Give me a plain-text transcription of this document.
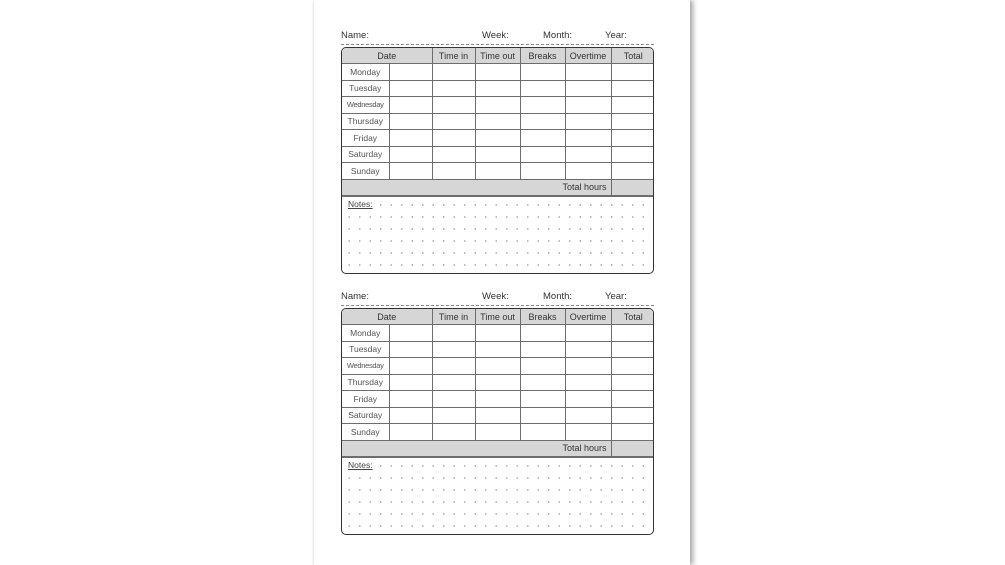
Name:	Week:	Month:	Year:
Date		Time in	Time out	Breaks	Overtime	Total
Monday						
Tuesday						
Wednesday						
Thursday						
Friday						
Saturday						
Sunday						
Total hours						
Notes:
Name:	Week:	Month:	Year:
Date		Time in	Time out	Breaks	Overtime	Total
Monday						
Tuesday						
Wednesday						
Thursday						
Friday						
Saturday						
Sunday						
Total hours						
Notes:
